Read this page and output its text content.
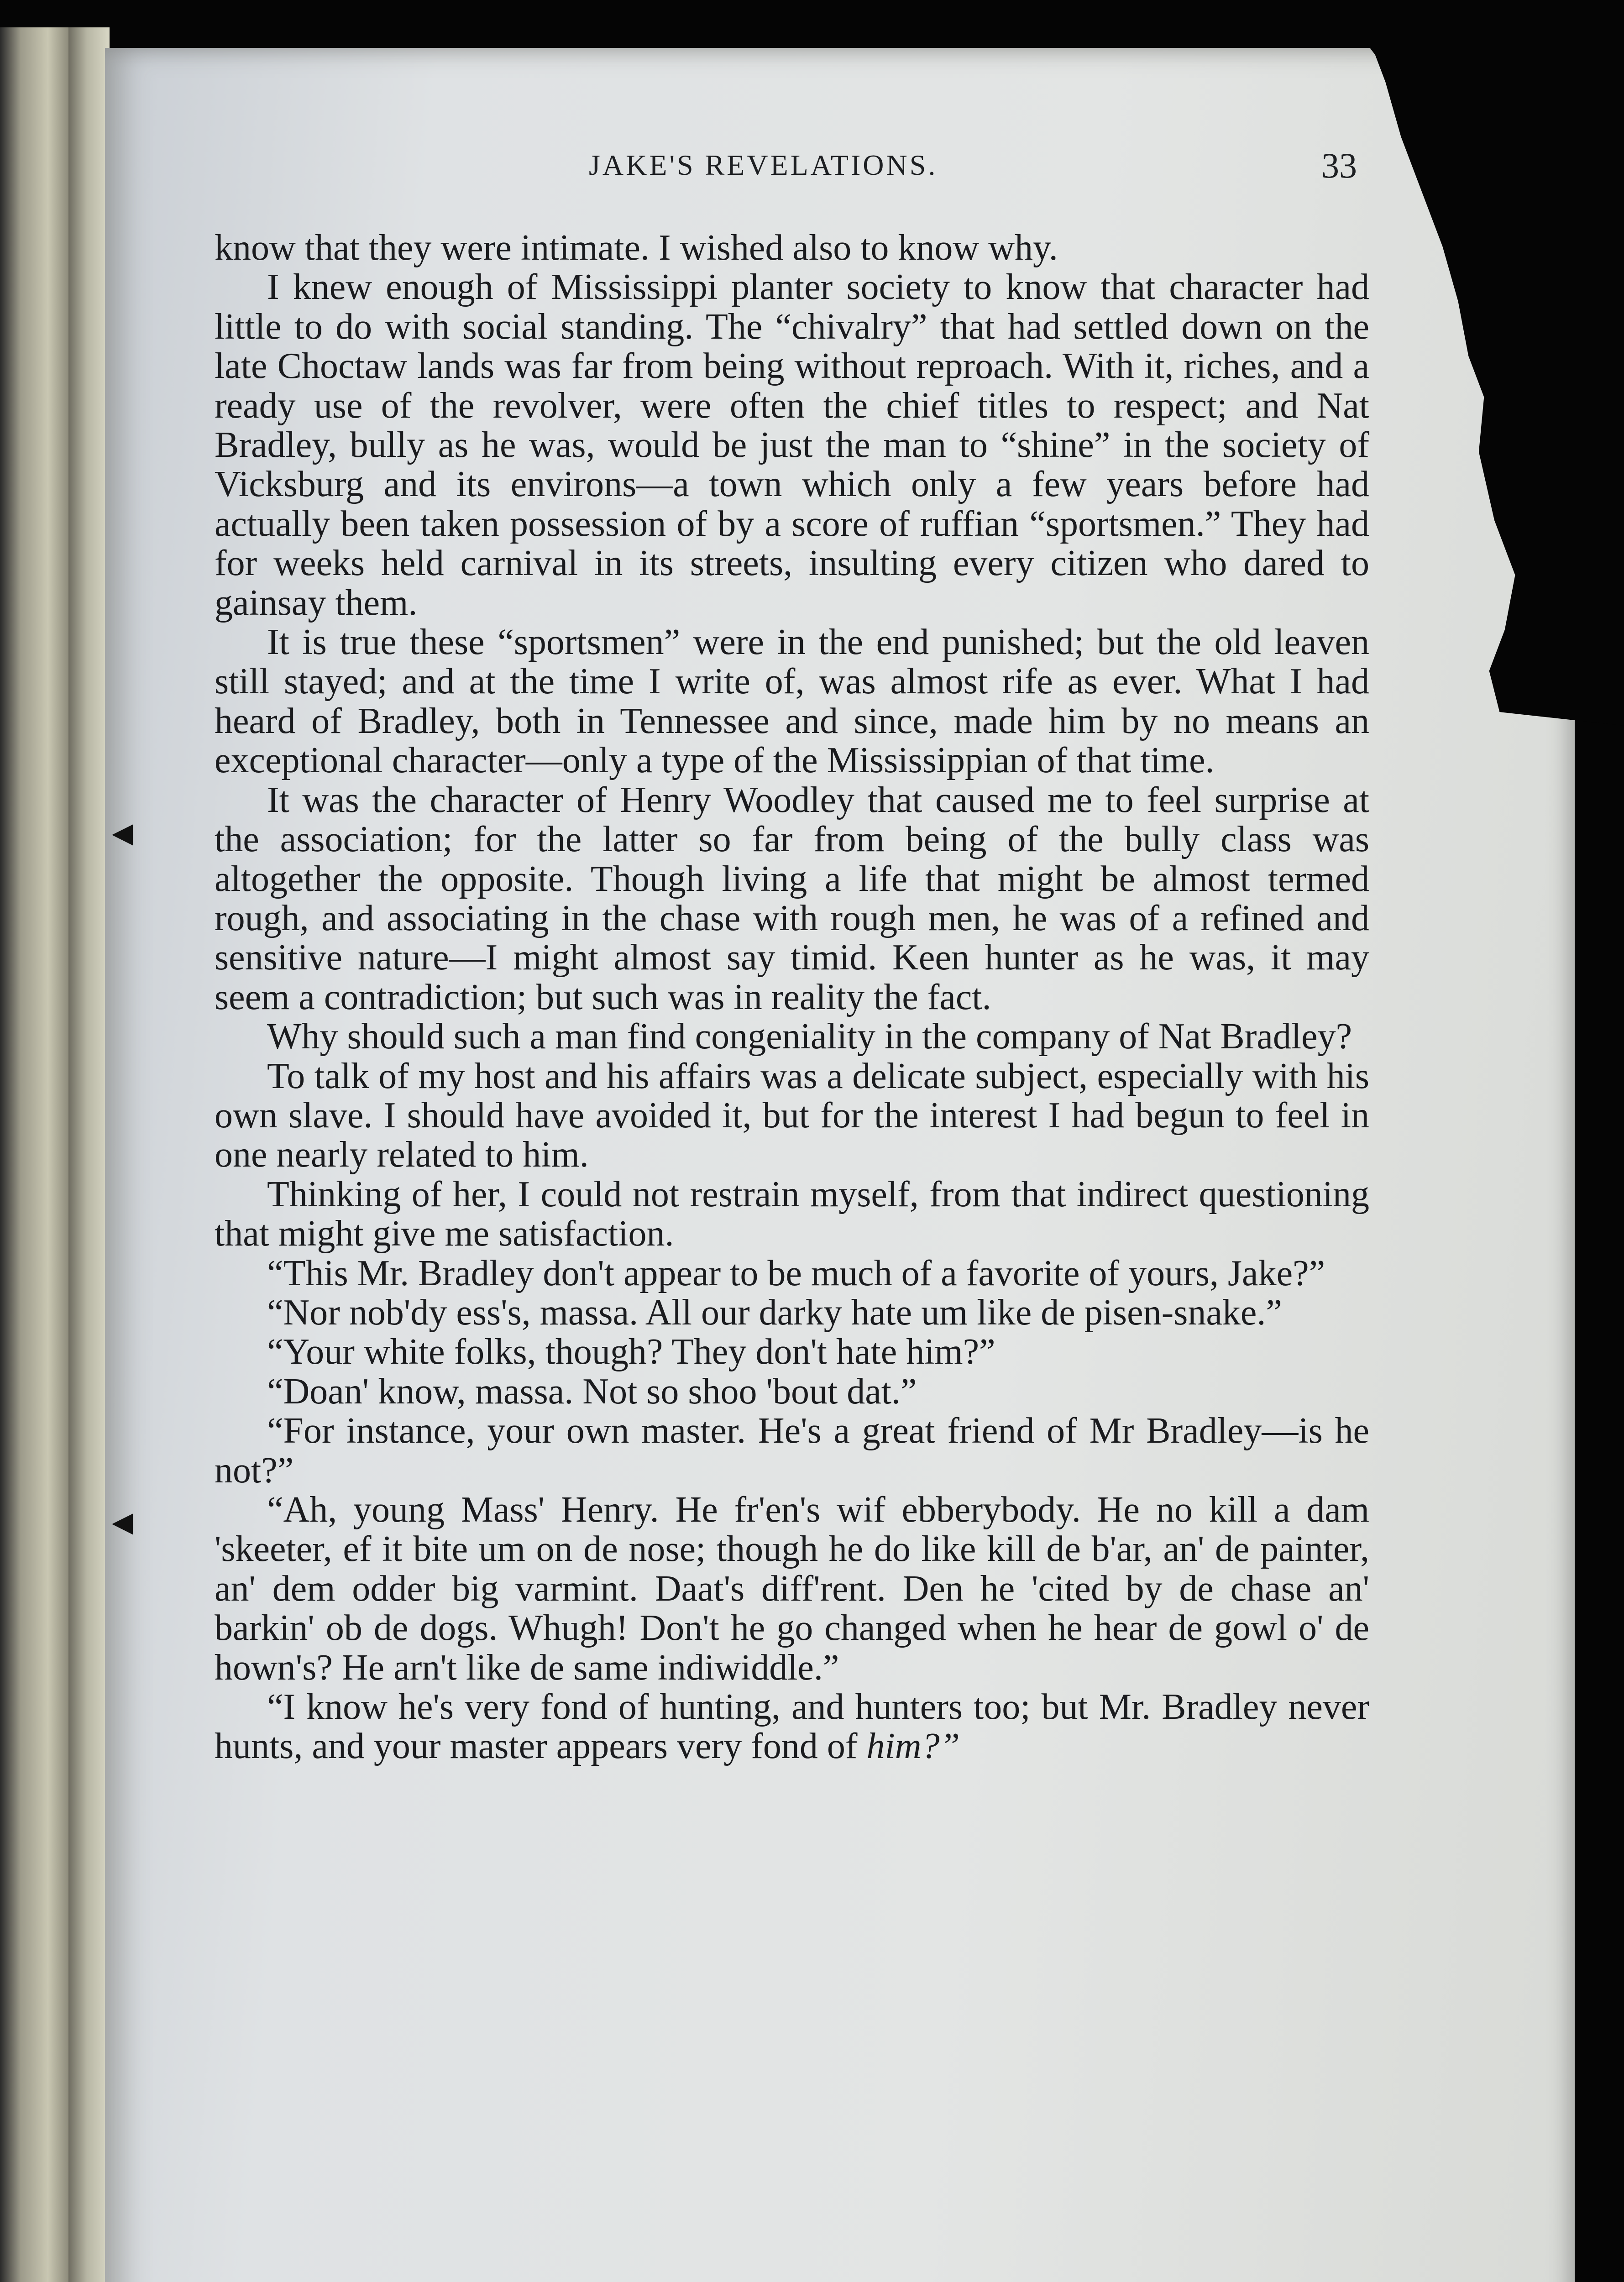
◀
◀
JAKE'S REVELATIONS.	33

know that they were intimate. I wished also to know why.

I knew enough of Mississippi planter society to know that character had little to do with social standing. The “chivalry” that had settled down on the late Choctaw lands was far from being without reproach. With it, riches, and a ready use of the revolver, were often the chief titles to respect; and Nat Bradley, bully as he was, would be just the man to “shine” in the society of Vicksburg and its environs—a town which only a few years before had actually been taken possession of by a score of ruffian “sportsmen.” They had for weeks held carnival in its streets, insulting every citizen who dared to gainsay them.

It is true these “sportsmen” were in the end punished; but the old leaven still stayed; and at the time I write of, was almost rife as ever. What I had heard of Bradley, both in Tennessee and since, made him by no means an exceptional character—only a type of the Mississippian of that time.

It was the character of Henry Woodley that caused me to feel surprise at the association; for the latter so far from being of the bully class was altogether the opposite. Though living a life that might be almost termed rough, and associating in the chase with rough men, he was of a refined and sensitive nature—I might almost say timid. Keen hunter as he was, it may seem a contradiction; but such was in reality the fact.

Why should such a man find congeniality in the company of Nat Bradley?

To talk of my host and his affairs was a delicate subject, especially with his own slave. I should have avoided it, but for the interest I had begun to feel in one nearly related to him.

Thinking of her, I could not restrain myself, from that indirect questioning that might give me satisfaction.

“This Mr. Bradley don't appear to be much of a favorite of yours, Jake?”

“Nor nob'dy ess's, massa. All our darky hate um like de pisen-snake.”

“Your white folks, though? They don't hate him?”

“Doan' know, massa. Not so shoo 'bout dat.”

“For instance, your own master. He's a great friend of Mr Bradley—is he not?”

“Ah, young Mass' Henry. He fr'en's wif ebberybody. He no kill a dam 'skeeter, ef it bite um on de nose; though he do like kill de b'ar, an' de painter, an' dem odder big varmint. Daat's diff'rent. Den he 'cited by de chase an' barkin' ob de dogs. Whugh! Don't he go changed when he hear de gowl o' de hown's? He arn't like de same indiwiddle.”

“I know he's very fond of hunting, and hunters too; but Mr. Bradley never hunts, and your master appears very fond of him?”
